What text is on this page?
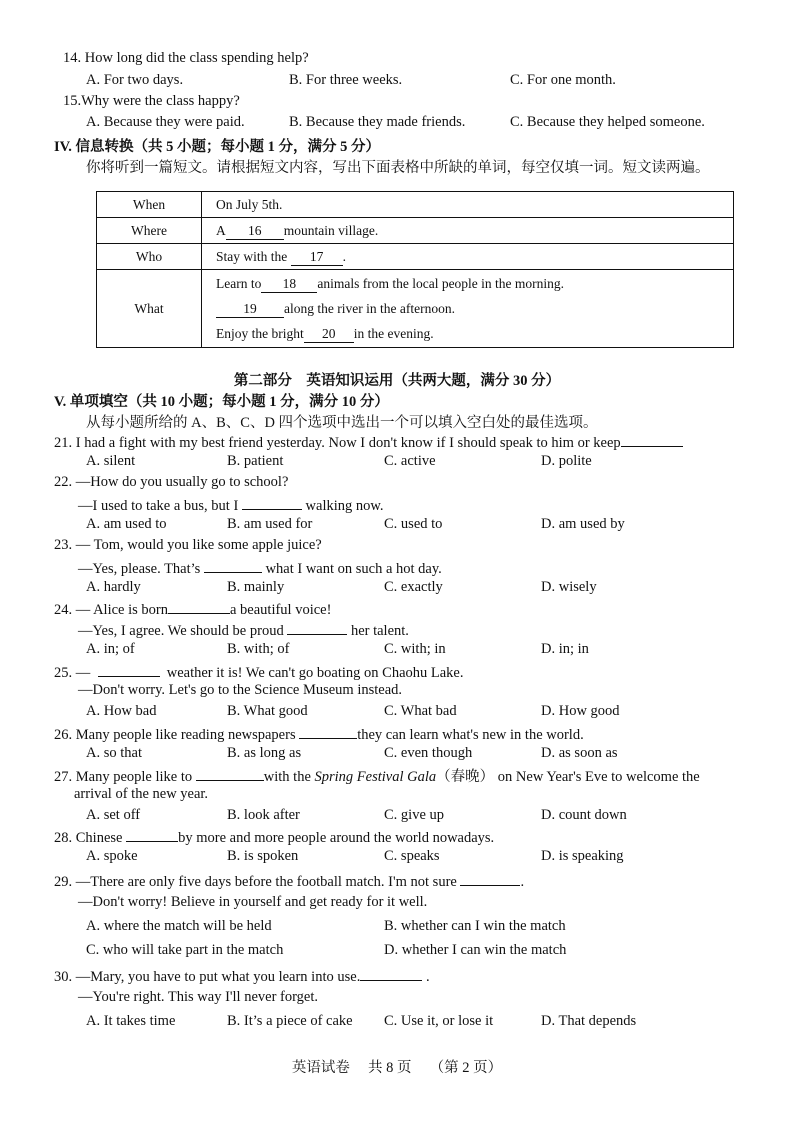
14. How long did the class spending help?
A. For two days.	B. For three weeks.	C. For one month.
15.Why were the class happy?
A. Because they were paid.	B. Because they made friends.	C. Because they helped someone.
IV. 信息转换（共 5 小题；每小题 1 分，满分 5 分）
你将听到一篇短文。请根据短文内容，写出下面表格中所缺的单词，每空仅填一词。短文读两遍。
When	On July 5th.

Where	A 16 mountain village.

Who	Stay with the 17 .

What	Learn to 18 animals from the local people in the morning.
19 along the river in the afternoon.
Enjoy the bright 20 in the evening.
第二部分　英语知识运用（共两大题，满分 30 分）
V. 单项填空（共 10 小题；每小题 1 分，满分 10 分）
从每小题所给的 A、B、C、D 四个选项中选出一个可以填入空白处的最佳选项。
21. I had a fight with my best friend yesterday. Now I don't know if I should speak to him or keep
A. silent	B. patient	C. active	D. polite
22. —How do you usually go to school?
—I used to take a bus, but I	walking now.
A. am used to	B. am used for	C. used to	D. am used by
23. — Tom, would you like some apple juice?
—Yes, please. That’s	what I want on such a hot day.
A. hardly	B. mainly	C. exactly	D. wisely
24. — Alice is born	a beautiful voice!
—Yes, I agree. We should be proud	her talent.
A. in; of	B. with; of	C. with; in	D. in; in
25. —	weather it is! We can't go boating on Chaohu Lake.
—Don't worry. Let's go to the Science Museum instead.
A. How bad	B. What good	C. What bad	D. How good
26. Many people like reading newspapers	they can learn what's new in the world.
A. so that	B. as long as	C. even though	D. as soon as
27. Many people like to	with the Spring Festival Gala（春晚） on New Year's Eve to welcome the
arrival of the new year.
A. set off	B. look after	C. give up	D. count down
28. Chinese	by more and more people around the world nowadays.
A. spoke	B. is spoken	C. speaks	D. is speaking
29. —There are only five days before the football match. I'm not sure	.
—Don't worry! Believe in yourself and get ready for it well.
A. where the match will be held	B. whether can I win the match
C. who will take part in the match	D. whether I can win the match
30. —Mary, you have to put what you learn into use.	.
—You're right. This way I'll never forget.
A. It takes time	B. It’s a piece of cake C. Use it, or lose it	D. That depends
英语试卷　 共 8 页　 （第 2 页）
